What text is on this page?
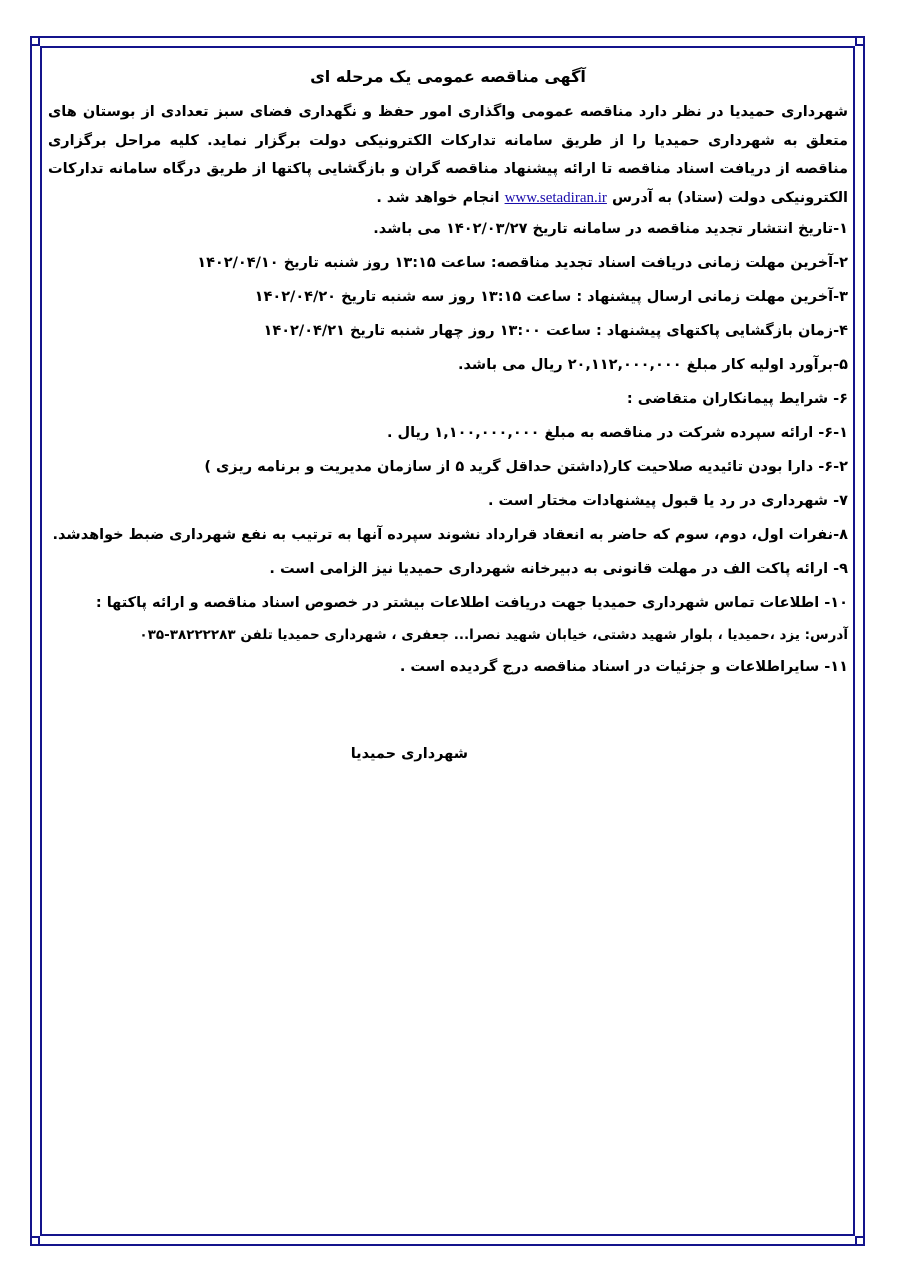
آگهی مناقصه عمومی یک مرحله ای

شهرداری حمیدیا در نظر دارد مناقصه عمومی واگذاری امور حفظ و نگهداری فضای سبز تعدادی از بوستان های متعلق به شهرداری حمیدیا را از طریق سامانه تدارکات الکترونیکی دولت برگزار نماید. کلیه مراحل برگزاری مناقصه از دریافت اسناد مناقصه تا ارائه پیشنهاد مناقصه گران و بازگشایی پاکتها از طریق درگاه سامانه تدارکات الکترونیکی دولت (ستاد) به آدرس www.setadiran.ir انجام خواهد شد .

۱-تاریخ انتشار تجدید مناقصه در سامانه تاریخ ۱۴۰۲/۰۳/۲۷ می باشد.

۲-آخرین مهلت زمانی دریافت اسناد تجدید مناقصه: ساعت ۱۳:۱۵ روز شنبه تاریخ ۱۴۰۲/۰۴/۱۰

۳-آخرین مهلت زمانی ارسال پیشنهاد : ساعت ۱۳:۱۵ روز سه شنبه تاریخ ۱۴۰۲/۰۴/۲۰

۴-زمان بازگشایی پاکتهای پیشنهاد : ساعت ۱۳:۰۰ روز چهار شنبه تاریخ ۱۴۰۲/۰۴/۲۱

۵-برآورد اولیه کار مبلغ ۲۰,۱۱۲,۰۰۰,۰۰۰ ریال می باشد.

۶- شرایط پیمانکاران متقاضی :

۶-۱- ارائه سپرده شرکت در مناقصه به مبلغ ۱,۱۰۰,۰۰۰,۰۰۰ ریال .

۶-۲- دارا بودن تائیدیه صلاحیت کار(داشتن حداقل گرید ۵ از سازمان مدیریت و برنامه ریزی )

۷- شهرداری در رد یا قبول پیشنهادات مختار است .

۸-نفرات اول، دوم، سوم که حاضر به انعقاد قرارداد نشوند سپرده آنها به ترتیب به نفع شهرداری ضبط خواهدشد.

۹- ارائه پاکت الف در مهلت قانونی به دبیرخانه شهرداری حمیدیا نیز الزامی است .

۱۰- اطلاعات تماس شهرداری حمیدیا جهت دریافت اطلاعات بیشتر در خصوص اسناد مناقصه و ارائه پاکتها :

آدرس: یزد ،حمیدیا ، بلوار شهید دشتی، خیابان شهید نصرا... جعفری ، شهرداری حمیدیا تلفن ۳۸۲۲۲۲۸۳-۰۳۵

۱۱- سایراطلاعات و جزئیات در اسناد مناقصه درج گردیده است .

شهرداری حمیدیا
